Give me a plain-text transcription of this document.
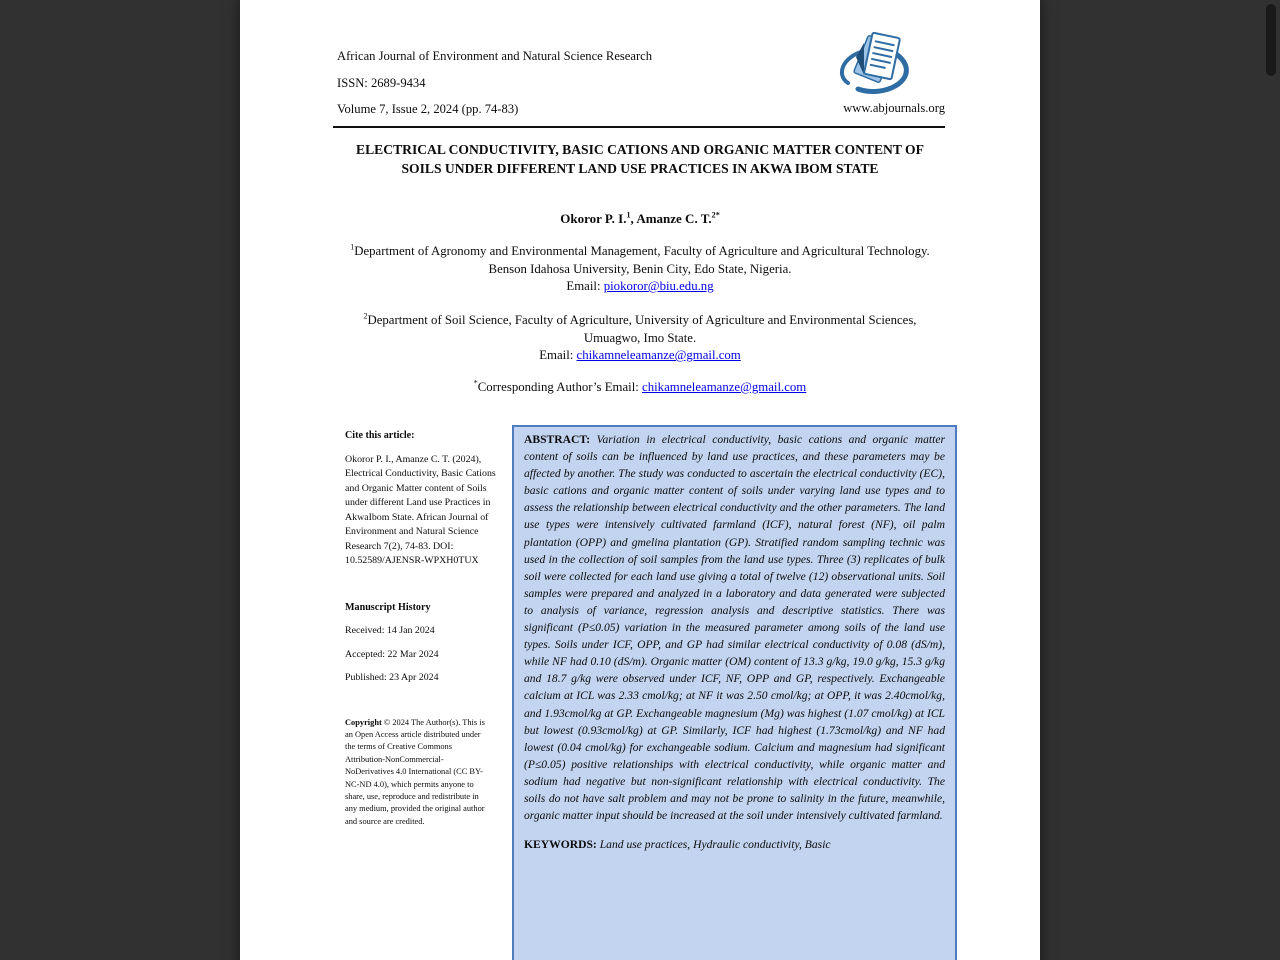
African Journal of Environment and Natural Science Research
ISSN: 2689-9434
Volume 7, Issue 2, 2024 (pp. 74-83)	www.abjournals.org
ELECTRICAL CONDUCTIVITY, BASIC CATIONS AND ORGANIC MATTER CONTENT OF SOILS UNDER DIFFERENT LAND USE PRACTICES IN AKWA IBOM STATE
Okoror P. I.$^1$, Amanze C. T.$^{2*}$

$^1$Department of Agronomy and Environmental Management, Faculty of Agriculture and Agricultural Technology. Benson Idahosa University, Benin City, Edo State, Nigeria.
Email: piokoror@biu.edu.ng

$^2$Department of Soil Science, Faculty of Agriculture, University of Agriculture and Environmental Sciences, Umuagwo, Imo State.
Email: chikamneleamanze@gmail.com

*Corresponding Author’s Email: chikamneleamanze@gmail.com

Cite this article:
Okoror P. I., Amanze C. T. (2024), Electrical Conductivity, Basic Cations and Organic Matter content of Soils under different Land use Practices in AkwaIbom State. African Journal of Environment and Natural Science Research 7(2), 74-83. DOI: 10.52589/AJENSR-WPXH0TUX
Manuscript History
Received: 14 Jan 2024
Accepted: 22 Mar 2024
Published: 23 Apr 2024

Copyright © 2024 The Author(s). This is an Open Access article distributed under the terms of Creative Commons Attribution-NonCommercial-NoDerivatives 4.0 International (CC BY-NC-ND 4.0), which permits anyone to share, use, reproduce and redistribute in any medium, provided the original author and source are credited.

ABSTRACT: Variation in electrical conductivity, basic cations and organic matter content of soils can be influenced by land use practices, and these parameters may be affected by another. The study was conducted to ascertain the electrical conductivity (EC), basic cations and organic matter content of soils under varying land use types and to assess the relationship between electrical conductivity and the other parameters. The land use types were intensively cultivated farmland (ICF), natural forest (NF), oil palm plantation (OPP) and gmelina plantation (GP). Stratified random sampling technic was used in the collection of soil samples from the land use types. Three (3) replicates of bulk soil were collected for each land use giving a total of twelve (12) observational units. Soil samples were prepared and analyzed in a laboratory and data generated were subjected to analysis of variance, regression analysis and descriptive statistics. There was significant (P≤0.05) variation in the measured parameter among soils of the land use types. Soils under ICF, OPP, and GP had similar electrical conductivity of 0.08 (dS/m), while NF had 0.10 (dS/m). Organic matter (OM) content of 13.3 g/kg, 19.0 g/kg, 15.3 g/kg and 18.7 g/kg were observed under ICF, NF, OPP and GP, respectively. Exchangeable calcium at ICL was 2.33 cmol/kg; at NF it was 2.50 cmol/kg; at OPP, it was 2.40cmol/kg, and 1.93cmol/kg at GP. Exchangeable magnesium (Mg) was highest (1.07 cmol/kg) at ICL but lowest (0.93cmol/kg) at GP. Similarly, ICF had highest (1.73cmol/kg) and NF had lowest (0.04 cmol/kg) for exchangeable sodium. Calcium and magnesium had significant (P≤0.05) positive relationships with electrical conductivity, while organic matter and sodium had negative but non-significant relationship with electrical conductivity. The soils do not have salt problem and may not be prone to salinity in the future, meanwhile, organic matter input should be increased at the soil under intensively cultivated farmland.

KEYWORDS: Land use practices, Hydraulic conductivity, Basic
